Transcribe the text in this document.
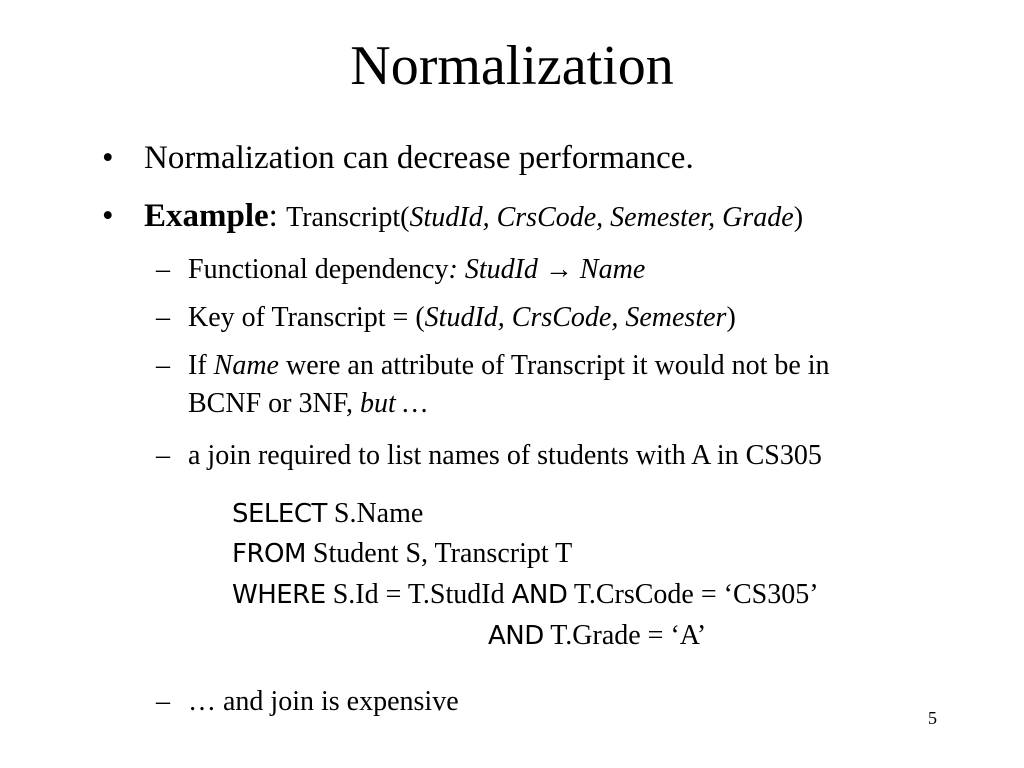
Normalization
• Normalization can decrease performance.
• Example: Transcript(StudId, CrsCode, Semester, Grade)
– Functional dependency: StudId → Name
– Key of Transcript = (StudId, CrsCode, Semester)
– If Name were an attribute of Transcript it would not be in
BCNF or 3NF, but …
– a join required to list names of students with A in CS305
SELECT S.Name
FROM Student S, Transcript T
WHERE S.Id = T.StudId AND T.CrsCode = ‘CS305’
AND T.Grade = ‘A’
– … and join is expensive
5
